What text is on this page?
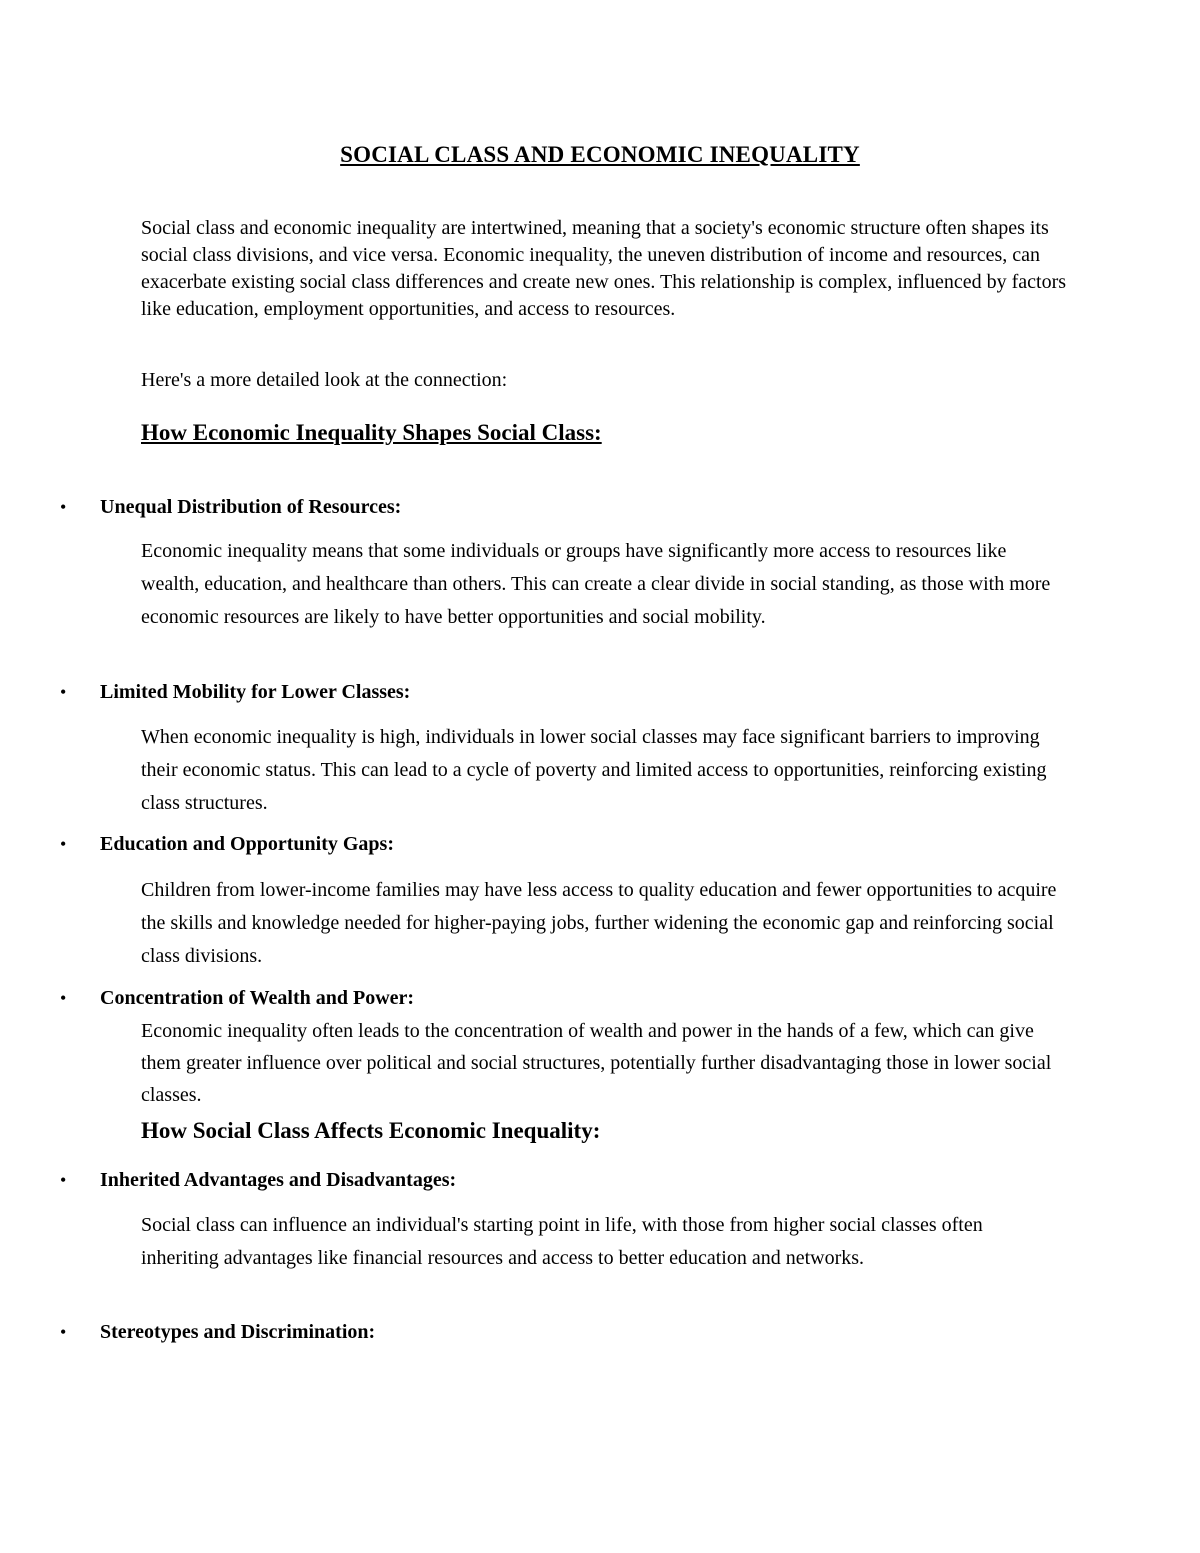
SOCIAL CLASS AND ECONOMIC INEQUALITY

Social class and economic inequality are intertwined, meaning that a society's economic structure often shapes its social class divisions, and vice versa. Economic inequality, the uneven distribution of income and resources, can exacerbate existing social class differences and create new ones. This relationship is complex, influenced by factors like education, employment opportunities, and access to resources.

Here's a more detailed look at the connection:

How Economic Inequality Shapes Social Class:
•	Unequal Distribution of Resources:

Economic inequality means that some individuals or groups have significantly more access to resources like wealth, education, and healthcare than others. This can create a clear divide in social standing, as those with more economic resources are likely to have better opportunities and social mobility.

•	Limited Mobility for Lower Classes:

When economic inequality is high, individuals in lower social classes may face significant barriers to improving their economic status. This can lead to a cycle of poverty and limited access to opportunities, reinforcing existing class structures.

•	Education and Opportunity Gaps:

Children from lower-income families may have less access to quality education and fewer opportunities to acquire the skills and knowledge needed for higher-paying jobs, further widening the economic gap and reinforcing social class divisions.

•	Concentration of Wealth and Power:

Economic inequality often leads to the concentration of wealth and power in the hands of a few, which can give them greater influence over political and social structures, potentially further disadvantaging those in lower social classes.

How Social Class Affects Economic Inequality:
•	Inherited Advantages and Disadvantages:

Social class can influence an individual's starting point in life, with those from higher social classes often inheriting advantages like financial resources and access to better education and networks.

•	Stereotypes and Discrimination:
